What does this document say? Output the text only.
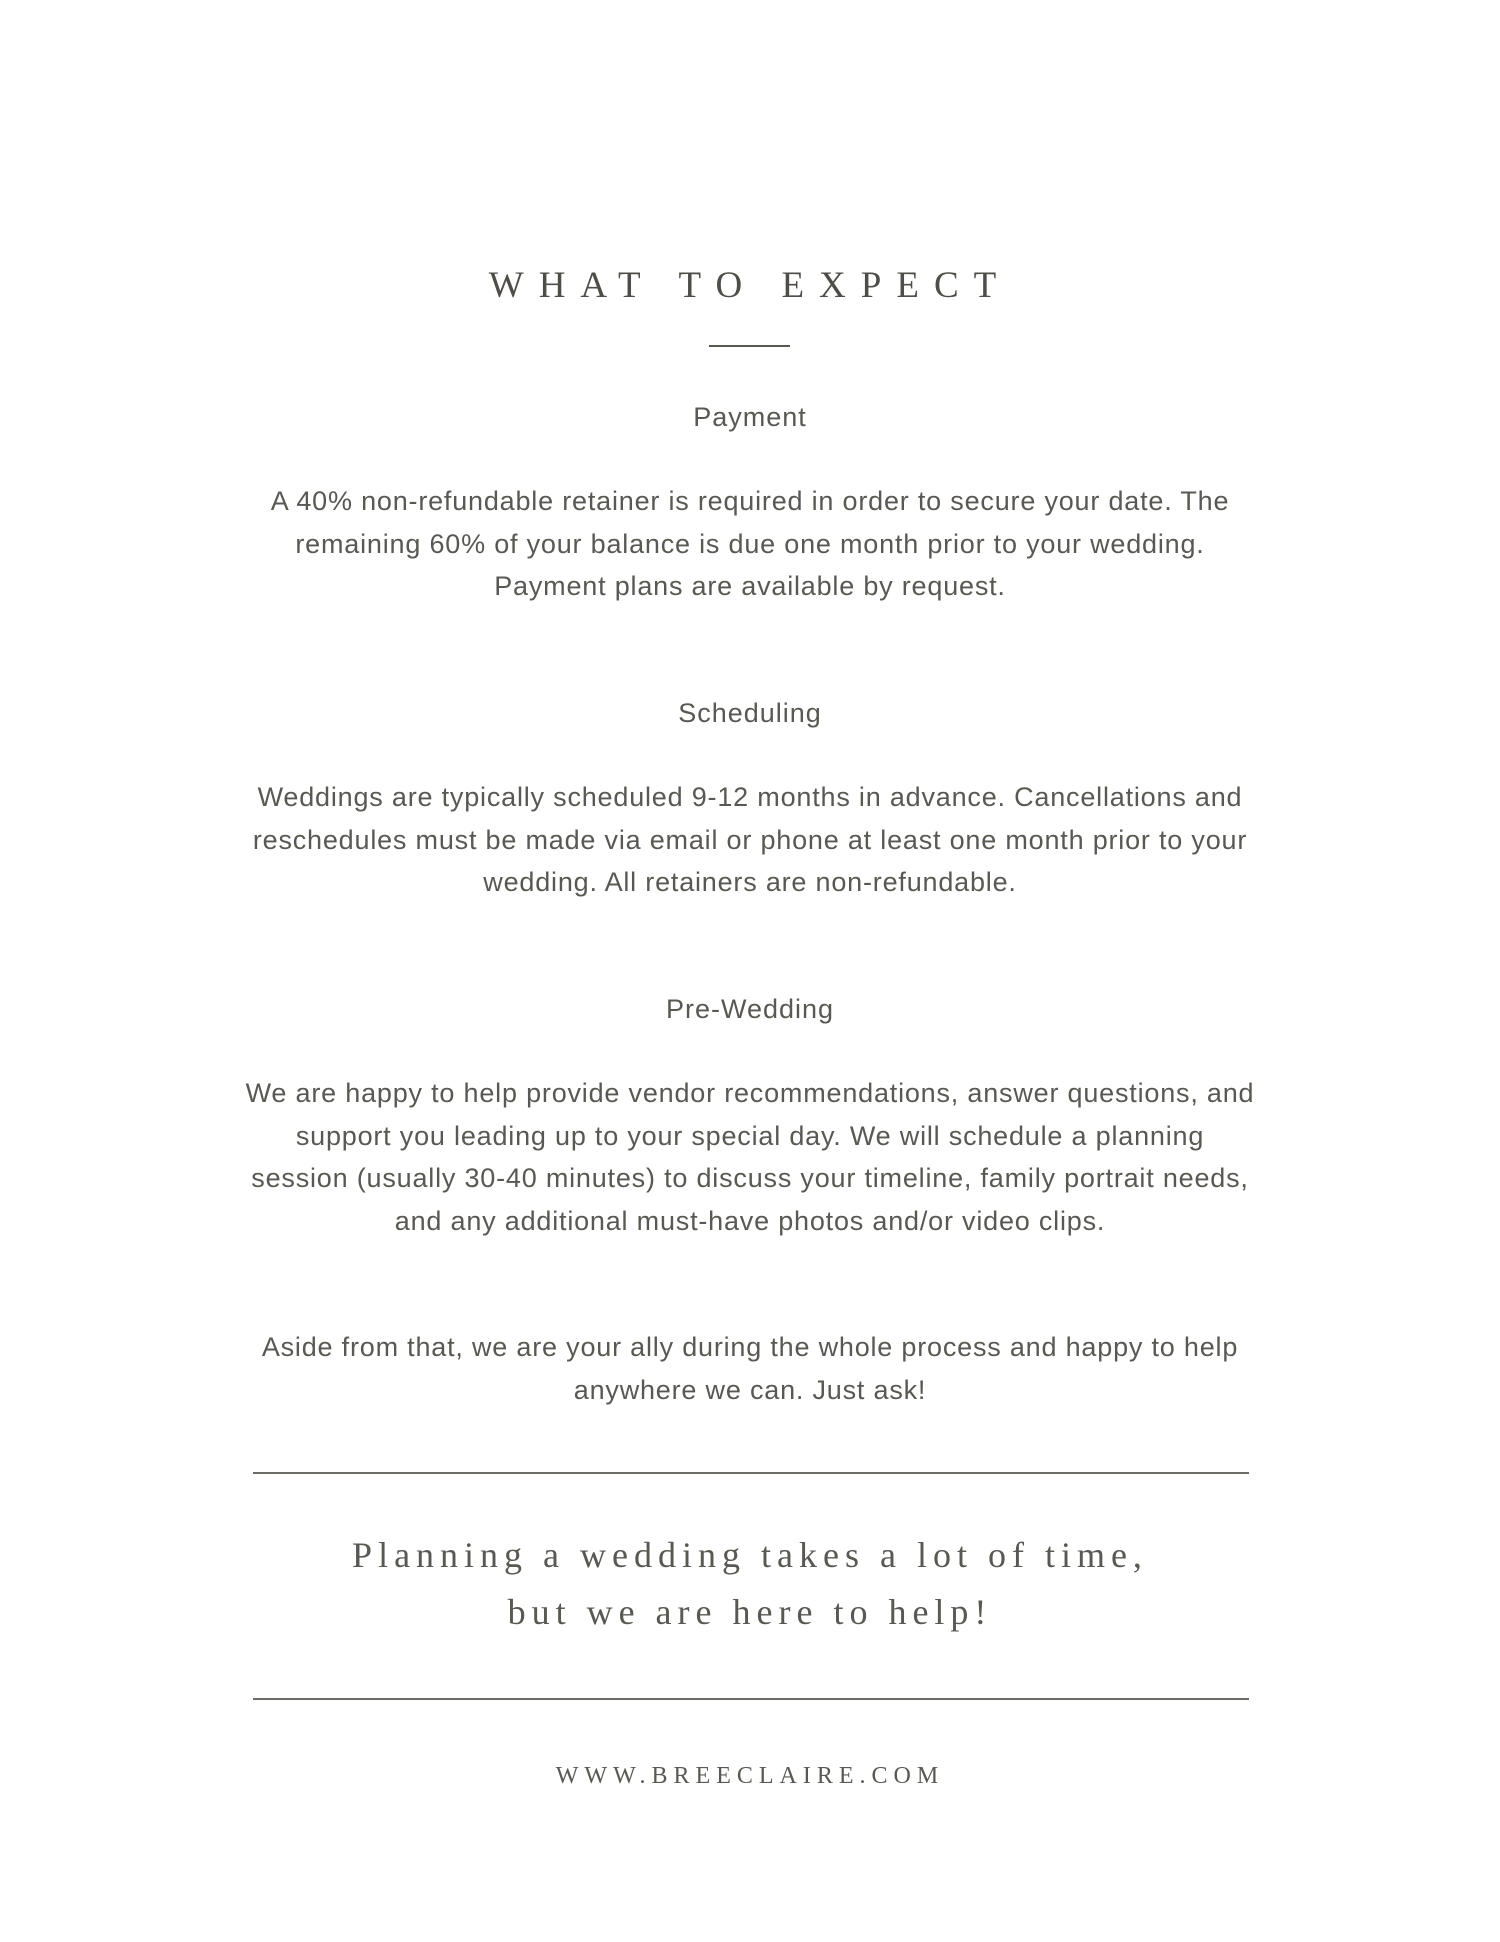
WHAT TO EXPECT
Payment

A 40% non-refundable retainer is required in order to secure your date. The remaining 60% of your balance is due one month prior to your wedding. Payment plans are available by request.

Scheduling

Weddings are typically scheduled 9-12 months in advance. Cancellations and reschedules must be made via email or phone at least one month prior to your wedding. All retainers are non-refundable.

Pre-Wedding

We are happy to help provide vendor recommendations, answer questions, and support you leading up to your special day. We will schedule a planning session (usually 30-40 minutes) to discuss your timeline, family portrait needs, and any additional must-have photos and/or video clips.

Aside from that, we are your ally during the whole process and happy to help anywhere we can. Just ask!

Planning a wedding takes a lot of time,
but we are here to help!
WWW.BREECLAIRE.COM
